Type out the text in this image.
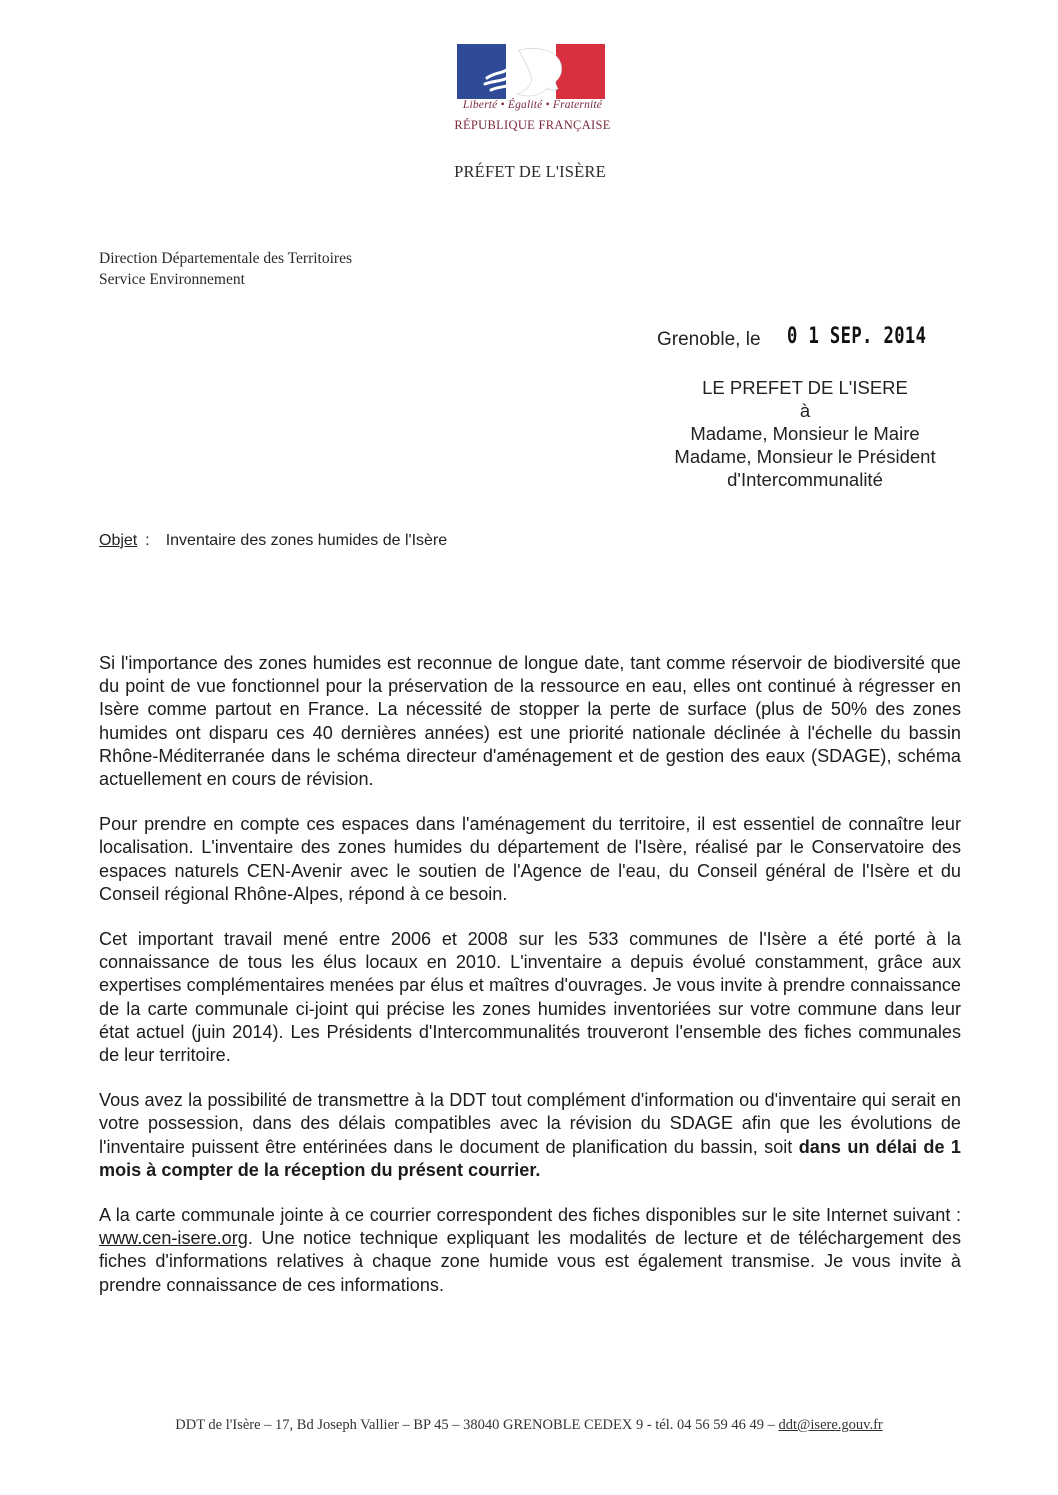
Liberté • Égalité • Fraternité
RÉPUBLIQUE FRANÇAISE
PRÉFET DE L'ISÈRE
Direction Départementale des Territoires
Service Environnement
Grenoble, le 0 1 SEP. 2014
LE PREFET DE L'ISERE
à
Madame, Monsieur le Maire
Madame, Monsieur le Président
d'Intercommunalité
Objet : Inventaire des zones humides de l'Isère

Si l'importance des zones humides est reconnue de longue date, tant comme réservoir de biodiversité que du point de vue fonctionnel pour la préservation de la ressource en eau, elles ont continué à régresser en Isère comme partout en France. La nécessité de stopper la perte de surface (plus de 50% des zones humides ont disparu ces 40 dernières années) est une priorité nationale déclinée à l'échelle du bassin Rhône-Méditerranée dans le schéma directeur d'aménagement et de gestion des eaux (SDAGE), schéma actuellement en cours de révision.

Pour prendre en compte ces espaces dans l'aménagement du territoire, il est essentiel de connaître leur localisation. L'inventaire des zones humides du département de l'Isère, réalisé par le Conservatoire des espaces naturels CEN-Avenir avec le soutien de l'Agence de l'eau, du Conseil général de l'Isère et du Conseil régional Rhône-Alpes, répond à ce besoin.

Cet important travail mené entre 2006 et 2008 sur les 533 communes de l'Isère a été porté à la connaissance de tous les élus locaux en 2010. L'inventaire a depuis évolué constamment, grâce aux expertises complémentaires menées par élus et maîtres d'ouvrages. Je vous invite à prendre connaissance de la carte communale ci-joint qui précise les zones humides inventoriées sur votre commune dans leur état actuel (juin 2014). Les Présidents d'Intercommunalités trouveront l'ensemble des fiches communales de leur territoire.

Vous avez la possibilité de transmettre à la DDT tout complément d'information ou d'inventaire qui serait en votre possession, dans des délais compatibles avec la révision du SDAGE afin que les évolutions de l'inventaire puissent être entérinées dans le document de planification du bassin, soit dans un délai de 1 mois à compter de la réception du présent courrier.

A la carte communale jointe à ce courrier correspondent des fiches disponibles sur le site Internet suivant : www.cen-isere.org. Une notice technique expliquant les modalités de lecture et de téléchargement des fiches d'informations relatives à chaque zone humide vous est également transmise. Je vous invite à prendre connaissance de ces informations.

DDT de l'Isère – 17, Bd Joseph Vallier – BP 45 – 38040 GRENOBLE CEDEX 9 - tél. 04 56 59 46 49 – ddt@isere.gouv.fr
